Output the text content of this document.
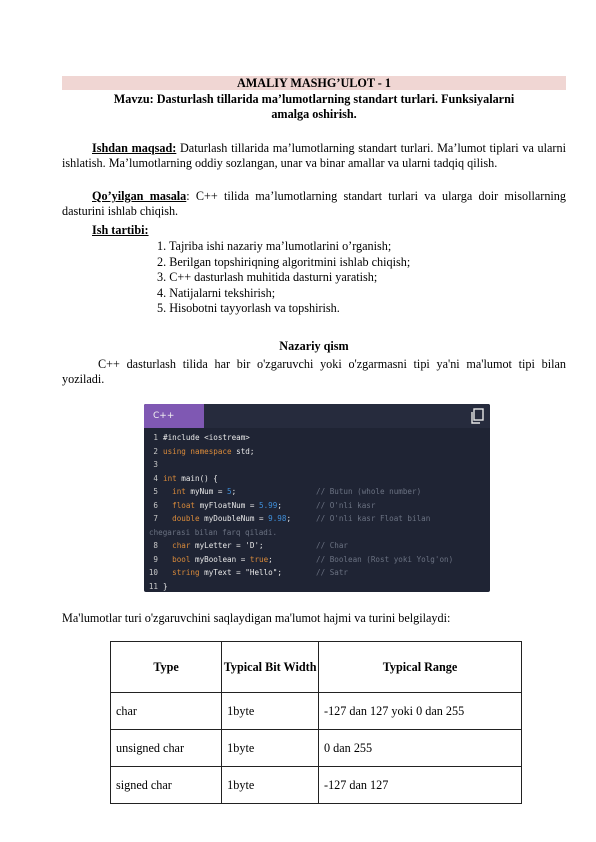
AMALIY MASHG’ULOT - 1
Mavzu: Dasturlash tillarida ma’lumotlarning standart turlari. Funksiyalarni
amalga oshirish.
Ishdan maqsad: Daturlash tillarida ma’lumotlarning standart turlari. Ma’lumot tiplari va ularni ishlatish. Ma’lumotlarning oddiy sozlangan, unar va binar amallar va ularni tadqiq qilish.
Qo’yilgan masala: C++ tilida ma’lumotlarning standart turlari va ularga doir misollarning dasturini ishlab chiqish.
Ish tartibi:
1. Tajriba ishi nazariy ma’lumotlarini o’rganish;
2. Berilgan topshiriqning algoritmini ishlab chiqish;
3. C++ dasturlash muhitida dasturni yaratish;
4. Natijalarni tekshirish;
5. Hisobotni tayyorlash va topshirish.
Nazariy qism
C++ dasturlash tilida har bir o'zgaruvchi yoki o'zgarmasni tipi ya'ni ma'lumot tipi bilan yoziladi.
C++
1 #include <iostream>
2 using namespace std;
3
4 int main() {
5 int myNum = 5;	// Butun (whole number)
6 float myFloatNum = 5.99;	// O'nli kasr
7 double myDoubleNum = 9.98;	// O'nli kasr Float bilan
chegarasi bilan farq qiladi.
8 char myLetter = 'D';	// Char
9 bool myBoolean = true;	// Boolean (Rost yoki Yolg'on)
10 string myText = "Hello";	// Satr
11 }
Ma'lumotlar turi o'zgaruvchini saqlaydigan ma'lumot hajmi va turini belgilaydi:
Type	Typical Bit Width	Typical Range
char	1byte	-127 dan 127 yoki 0 dan 255
unsigned char	1byte	0 dan 255
signed char	1byte	-127 dan 127
